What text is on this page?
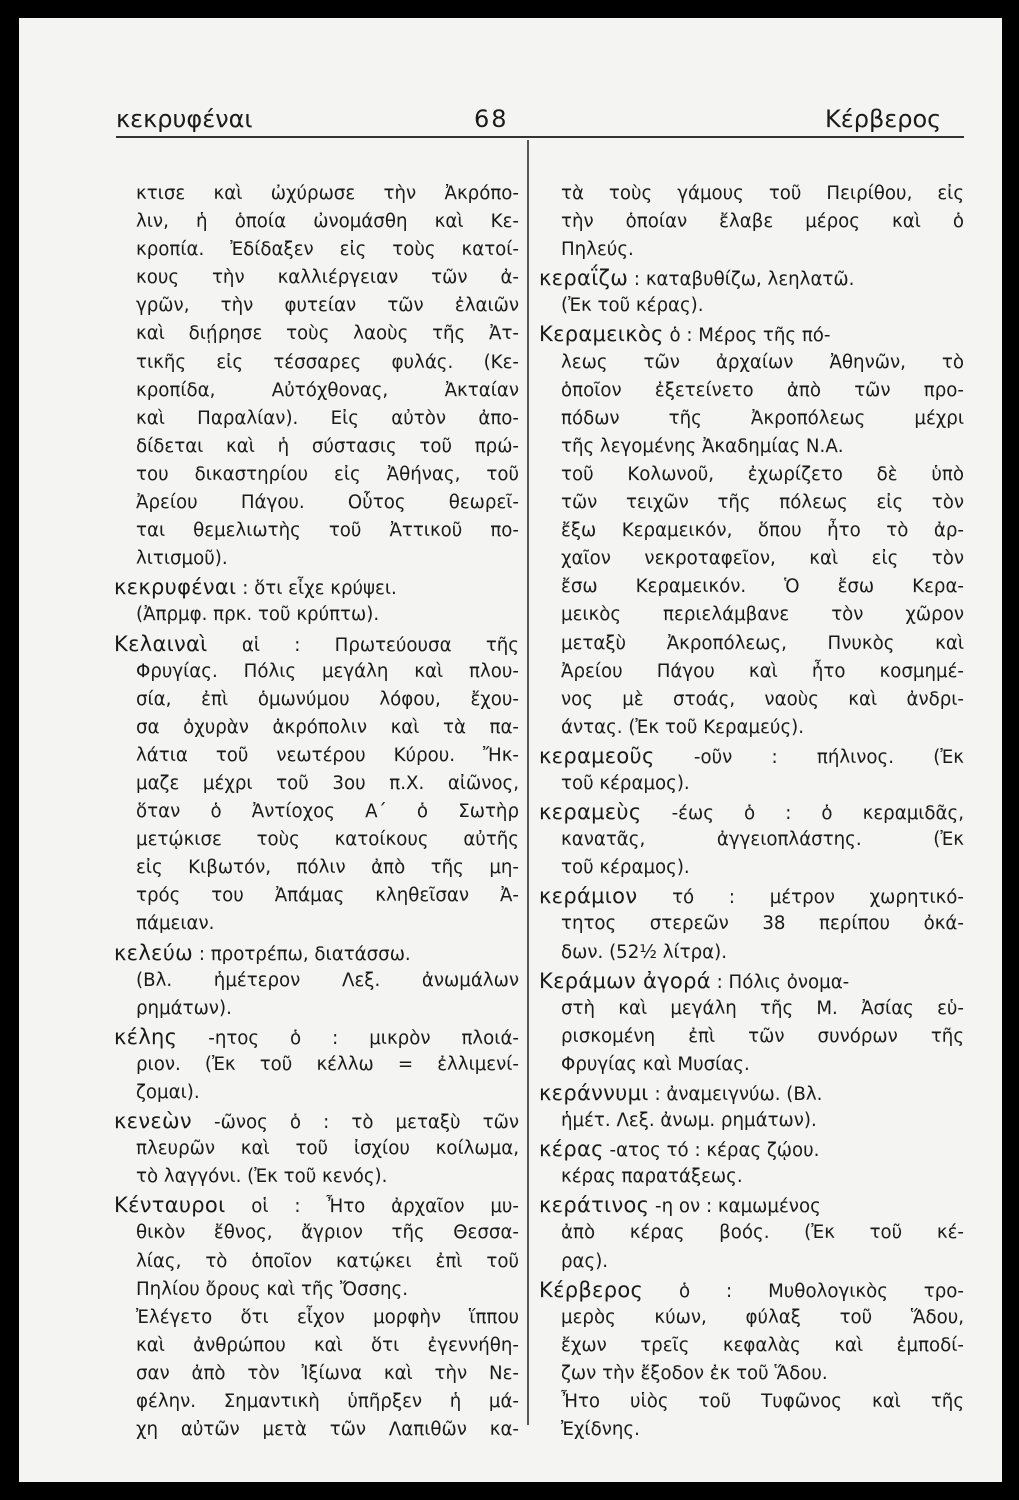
κεκρυφέναι	68	Κέρβερος
κτισε καὶ ὠχύρωσε τὴν Ἀκρόπο-
λιν, ἡ ὁποία ὠνομάσθη καὶ Κε-
κροπία. Ἐδίδαξεν εἰς τοὺς κατοί-
κους τὴν καλλιέργειαν τῶν ἀ-
γρῶν, τὴν φυτείαν τῶν ἐλαιῶν
καὶ διῄρησε τοὺς λαοὺς τῆς Ἀτ-
τικῆς εἰς τέσσαρες φυλάς. (Κε-
κροπίδα, Αὐτόχθονας, Ἀκταίαν
καὶ Παραλίαν). Εἰς αὐτὸν ἀπο-
δίδεται καὶ ἡ σύστασις τοῦ πρώ-
του δικαστηρίου εἰς Ἀθήνας, τοῦ
Ἀρείου Πάγου. Οὗτος θεωρεῖ-
ται θεμελιωτὴς τοῦ Ἀττικοῦ πο-
λιτισμοῦ).
κεκρυφέναι : ὅτι εἶχε κρύψει.
(Ἀπρμφ. πρκ. τοῦ κρύπτω).
Κελαιναὶ αἱ : Πρωτεύουσα τῆς
Φρυγίας. Πόλις μεγάλη καὶ πλου-
σία, ἐπὶ ὁμωνύμου λόφου, ἔχου-
σα ὀχυρὰν ἀκρόπολιν καὶ τὰ πα-
λάτια τοῦ νεωτέρου Κύρου. Ἤκ-
μαζε μέχρι τοῦ 3ου π.Χ. αἰῶνος,
ὅταν ὁ Ἀντίοχος Α΄ ὁ Σωτὴρ
μετῴκισε τοὺς κατοίκους αὐτῆς
εἰς Κιβωτόν, πόλιν ἀπὸ τῆς μη-
τρός του Ἀπάμας κληθεῖσαν Ἀ-
πάμειαν.
κελεύω : προτρέπω, διατάσσω.
(Βλ. ἡμέτερον Λεξ. ἀνωμάλων
ρημάτων).
κέλης -ητος ὁ : μικρὸν πλοιά-
ριον. (Ἐκ τοῦ κέλλω = ἐλλιμενί-
ζομαι).
κενεὼν -ῶνος ὁ : τὸ μεταξὺ τῶν
πλευρῶν καὶ τοῦ ἰσχίου κοίλωμα,
τὸ λαγγόνι. (Ἐκ τοῦ κενός).
Κένταυροι οἱ : Ἦτο ἀρχαῖον μυ-
θικὸν ἔθνος, ἄγριον τῆς Θεσσα-
λίας, τὸ ὁποῖον κατῴκει ἐπὶ τοῦ
Πηλίου ὄρους καὶ τῆς Ὄσσης.
Ἐλέγετο ὅτι εἶχον μορφὴν ἵππου
καὶ ἀνθρώπου καὶ ὅτι ἐγεννήθη-
σαν ἀπὸ τὸν Ἰξίωνα καὶ τὴν Νε-
φέλην. Σημαντικὴ ὑπῆρξεν ἡ μά-
χη αὐτῶν μετὰ τῶν Λαπιθῶν κα-
τὰ τοὺς γάμους τοῦ Πειρίθου, εἰς
τὴν ὁποίαν ἔλαβε μέρος καὶ ὁ
Πηλεύς.
κεραΐζω : καταβυθίζω, λεηλατῶ.
(Ἐκ τοῦ κέρας).
Κεραμεικὸς ὁ : Μέρος τῆς πό-
λεως τῶν ἀρχαίων Ἀθηνῶν, τὸ
ὁποῖον ἐξετείνετο ἀπὸ τῶν προ-
πόδων τῆς Ἀκροπόλεως μέχρι
τῆς λεγομένης Ἀκαδημίας Ν.Α.
τοῦ Κολωνοῦ, ἐχωρίζετο δὲ ὑπὸ
τῶν τειχῶν τῆς πόλεως εἰς τὸν
ἔξω Κεραμεικόν, ὅπου ἦτο τὸ ἀρ-
χαῖον νεκροταφεῖον, καὶ εἰς τὸν
ἔσω Κεραμεικόν. Ὁ ἔσω Κερα-
μεικὸς περιελάμβανε τὸν χῶρον
μεταξὺ Ἀκροπόλεως, Πνυκὸς καὶ
Ἀρείου Πάγου καὶ ἦτο κοσμημέ-
νος μὲ στοάς, ναοὺς καὶ ἀνδρι-
άντας. (Ἐκ τοῦ Κεραμεύς).
κεραμεοῦς -οῦν : πήλινος. (Ἐκ
τοῦ κέραμος).
κεραμεὺς -έως ὁ : ὁ κεραμιδᾶς,
κανατᾶς, ἀγγειοπλάστης. (Ἐκ
τοῦ κέραμος).
κεράμιον τό : μέτρον χωρητικό-
τητος στερεῶν 38 περίπου ὀκά-
δων. (52½ λίτρα).
Κεράμων ἀγορά : Πόλις ὀνομα-
στὴ καὶ μεγάλη τῆς Μ. Ἀσίας εὑ-
ρισκομένη ἐπὶ τῶν συνόρων τῆς
Φρυγίας καὶ Μυσίας.
κεράννυμι : ἀναμειγνύω. (Βλ.
ἡμέτ. Λεξ. ἀνωμ. ρημάτων).
κέρας -ατος τό : κέρας ζῴου.
κέρας παρατάξεως.
κεράτινος -η ον : καμωμένος
ἀπὸ κέρας βοός. (Ἐκ τοῦ κέ-
ρας).
Κέρβερος ὁ : Μυθολογικὸς τρο-
μερὸς κύων, φύλαξ τοῦ Ἅδου,
ἔχων τρεῖς κεφαλὰς καὶ ἐμποδί-
ζων τὴν ἔξοδον ἐκ τοῦ Ἅδου.
Ἦτο υἱὸς τοῦ Τυφῶνος καὶ τῆς
Ἐχίδνης.
